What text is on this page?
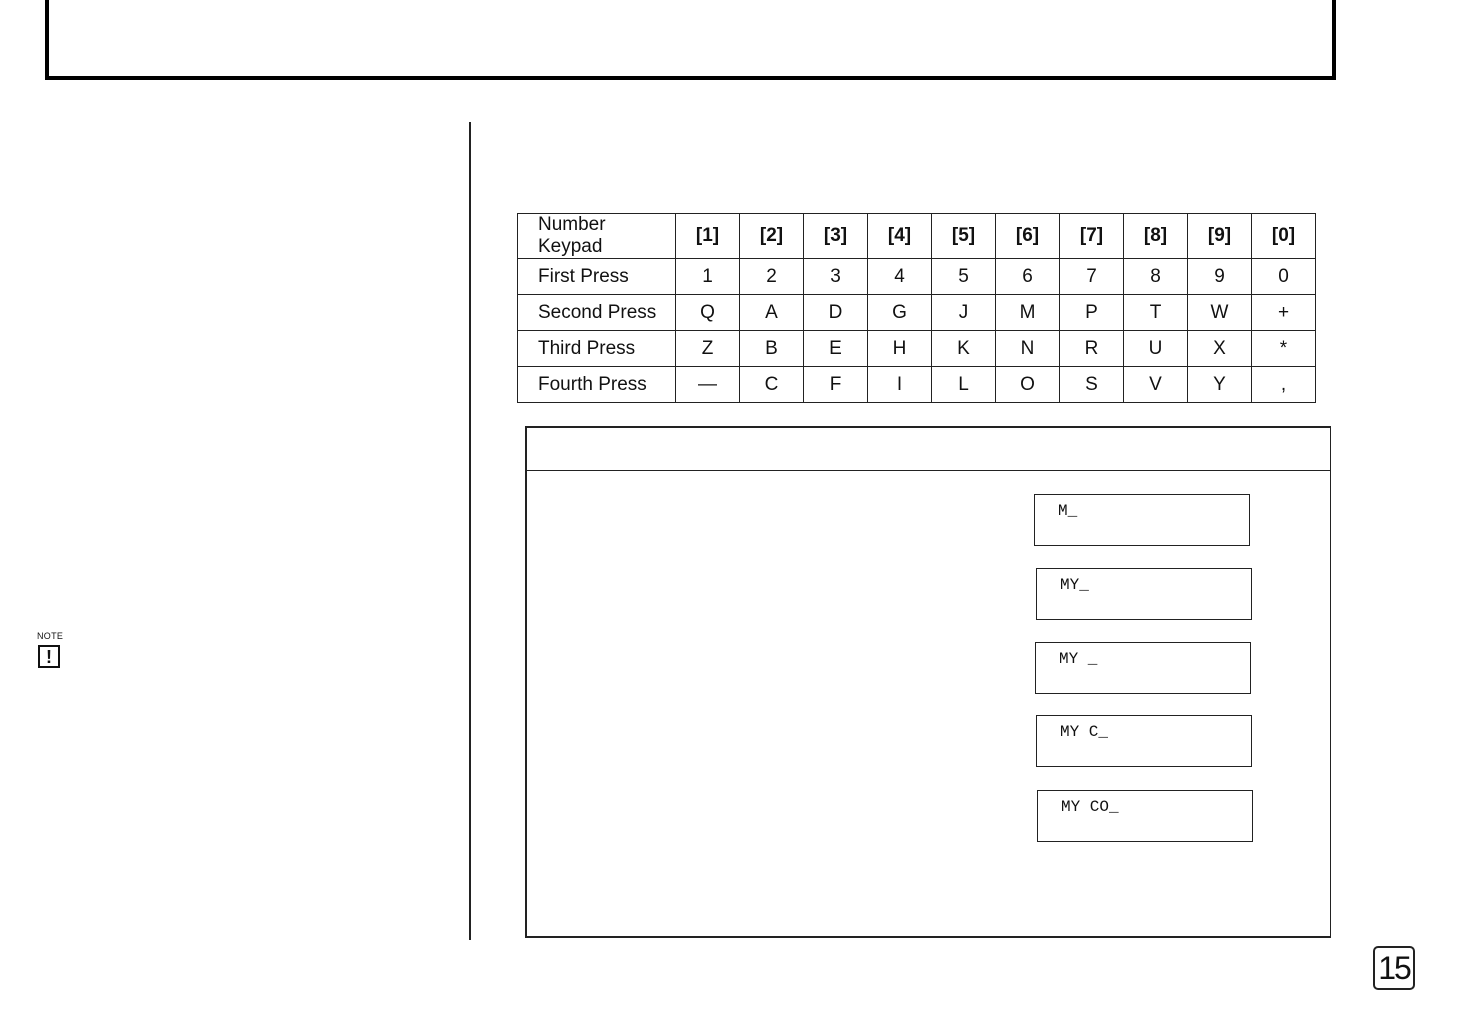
NOTE
!
Number Keypad	[1]	[2]	[3]	[4]	[5]	[6]	[7]	[8]	[9]	[0]
First Press	1	2	3	4	5	6	7	8	9	0
Second Press	Q	A	D	G	J	M	P	T	W	+
Third Press	Z	B	E	H	K	N	R	U	X	*
Fourth Press	—	C	F	I	L	O	S	V	Y	,
M_
MY_
MY _
MY C_
MY CO_
15
